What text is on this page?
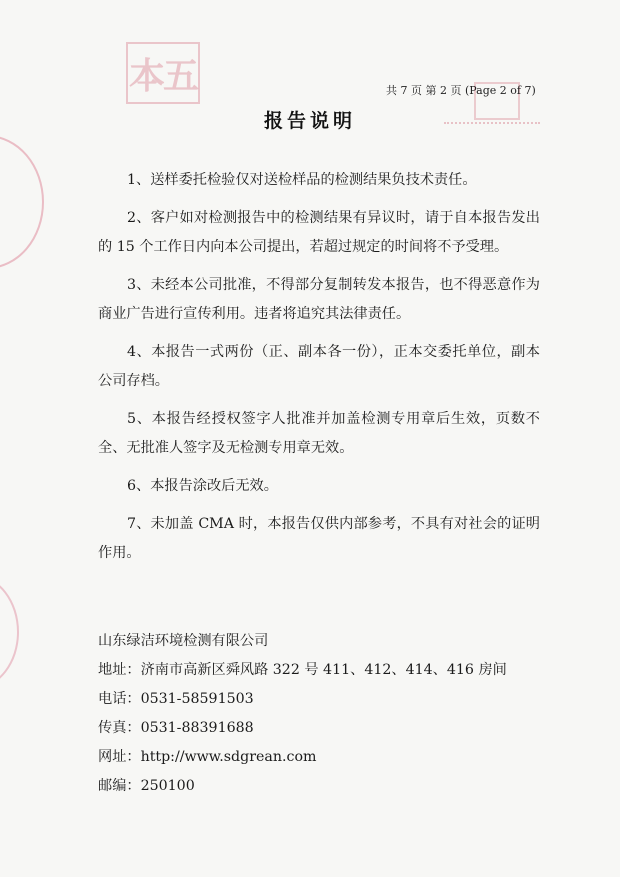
本五	共 7 页 第 2 页 (Page 2 of 7)
报告说明

1、送样委托检验仅对送检样品的检测结果负技术责任。

2、客户如对检测报告中的检测结果有异议时，请于自本报告发出的 15 个工作日内向本公司提出，若超过规定的时间将不予受理。

3、未经本公司批准，不得部分复制转发本报告，也不得恶意作为商业广告进行宣传利用。违者将追究其法律责任。

4、本报告一式两份（正、副本各一份），正本交委托单位，副本公司存档。

5、本报告经授权签字人批准并加盖检测专用章后生效，页数不全、无批准人签字及无检测专用章无效。

6、本报告涂改后无效。

7、未加盖 CMA 时，本报告仅供内部参考，不具有对社会的证明作用。

山东绿洁环境检测有限公司
地址：济南市高新区舜风路 322 号 411、412、414、416 房间
电话：0531-58591503
传真：0531-88391688
网址：http://www.sdgrean.com
邮编：250100
